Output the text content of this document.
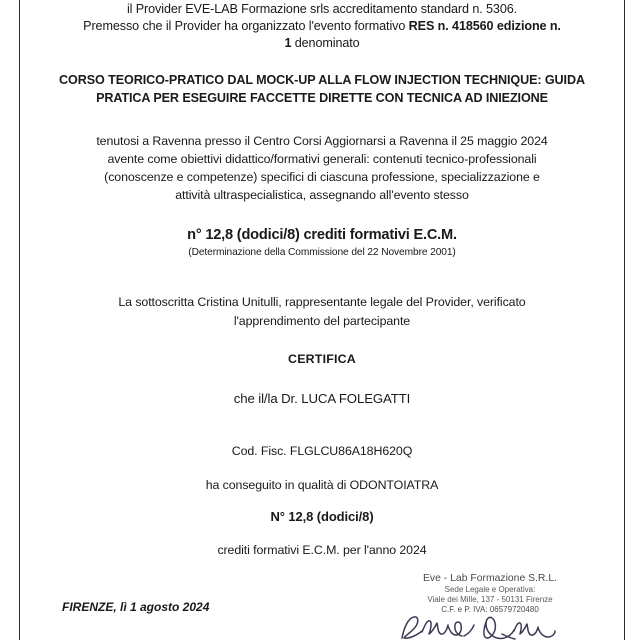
il Provider EVE-LAB Formazione srls accreditamento standard n. 5306.
Premesso che il Provider ha organizzato l'evento formativo RES n. 418560 edizione n.
1 denominato
CORSO TEORICO-PRATICO DAL MOCK-UP ALLA FLOW INJECTION TECHNIQUE: GUIDA
PRATICA PER ESEGUIRE FACCETTE DIRETTE CON TECNICA AD INIEZIONE
tenutosi a Ravenna presso il Centro Corsi Aggiornarsi a Ravenna il 25 maggio 2024
avente come obiettivi didattico/formativi generali: contenuti tecnico-professionali
(conoscenze e competenze) specifici di ciascuna professione, specializzazione e
attività ultraspecialistica, assegnando all'evento stesso
n° 12,8 (dodici/8) crediti formativi E.C.M.
(Determinazione della Commissione del 22 Novembre 2001)
La sottoscritta Cristina Unitulli, rappresentante legale del Provider, verificato
l'apprendimento del partecipante
CERTIFICA
che il/la Dr. LUCA FOLEGATTI
Cod. Fisc. FLGLCU86A18H620Q
ha conseguito in qualità di ODONTOIATRA
N° 12,8 (dodici/8)
crediti formativi E.C.M. per l'anno 2024
FIRENZE, lì 1 agosto 2024
Eve - Lab Formazione S.R.L.
Sede Legale e Operativa:
Viale dei Mille, 137 - 50131 Firenze
C.F. e P. IVA: 06579720480
